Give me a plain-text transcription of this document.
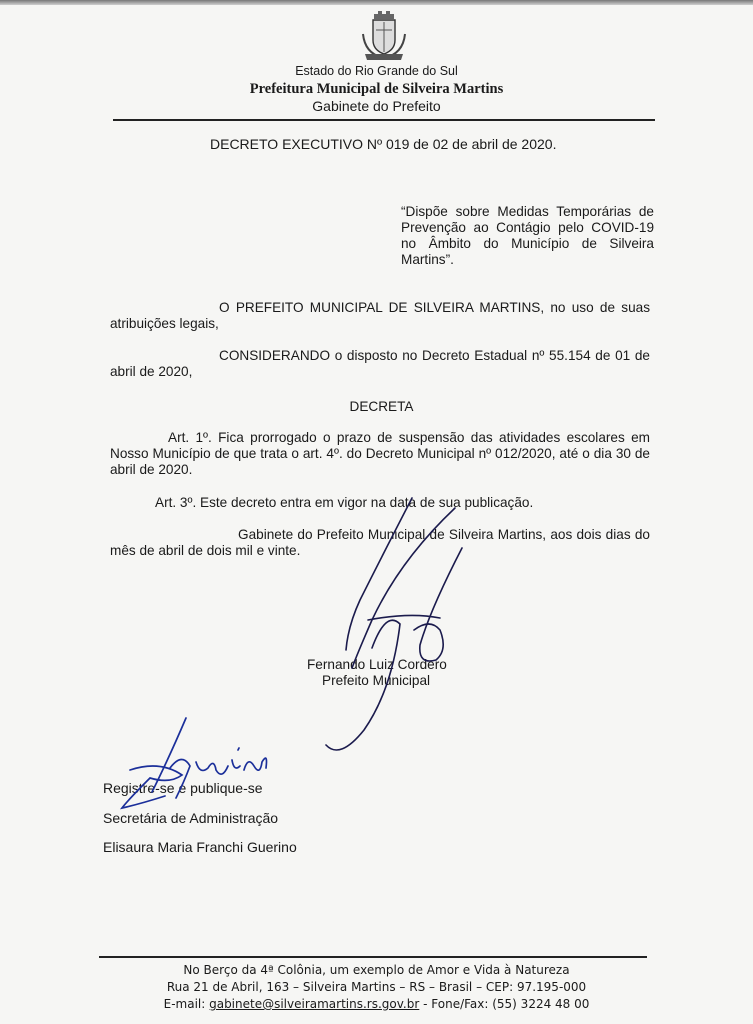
Estado do Rio Grande do Sul
Prefeitura Municipal de Silveira Martins
Gabinete do Prefeito
DECRETO EXECUTIVO Nº 019 de 02 de abril de 2020.
“Dispõe sobre Medidas Temporárias de Prevenção ao Contágio pelo COVID-19 no Âmbito do Município de Silveira Martins”.
O PREFEITO MUNICIPAL DE SILVEIRA MARTINS, no uso de suas atribuições legais,
CONSIDERANDO o disposto no Decreto Estadual nº 55.154 de 01 de abril de 2020,
DECRETA
Art. 1º. Fica prorrogado o prazo de suspensão das atividades escolares em Nosso Município de que trata o art. 4º. do Decreto Municipal nº 012/2020, até o dia 30 de abril de 2020.
Art. 3º. Este decreto entra em vigor na data de sua publicação.
Gabinete do Prefeito Municipal de Silveira Martins, aos dois dias do mês de abril de dois mil e vinte.
Fernando Luiz Cordero
Prefeito Municipal
Registre-se e publique-se
Secretária de Administração
Elisaura Maria Franchi Guerino
No Berço da 4ª Colônia, um exemplo de Amor e Vida à Natureza
Rua 21 de Abril, 163 – Silveira Martins – RS – Brasil – CEP: 97.195-000
E-mail: gabinete@silveiramartins.rs.gov.br - Fone/Fax: (55) 3224 48 00
